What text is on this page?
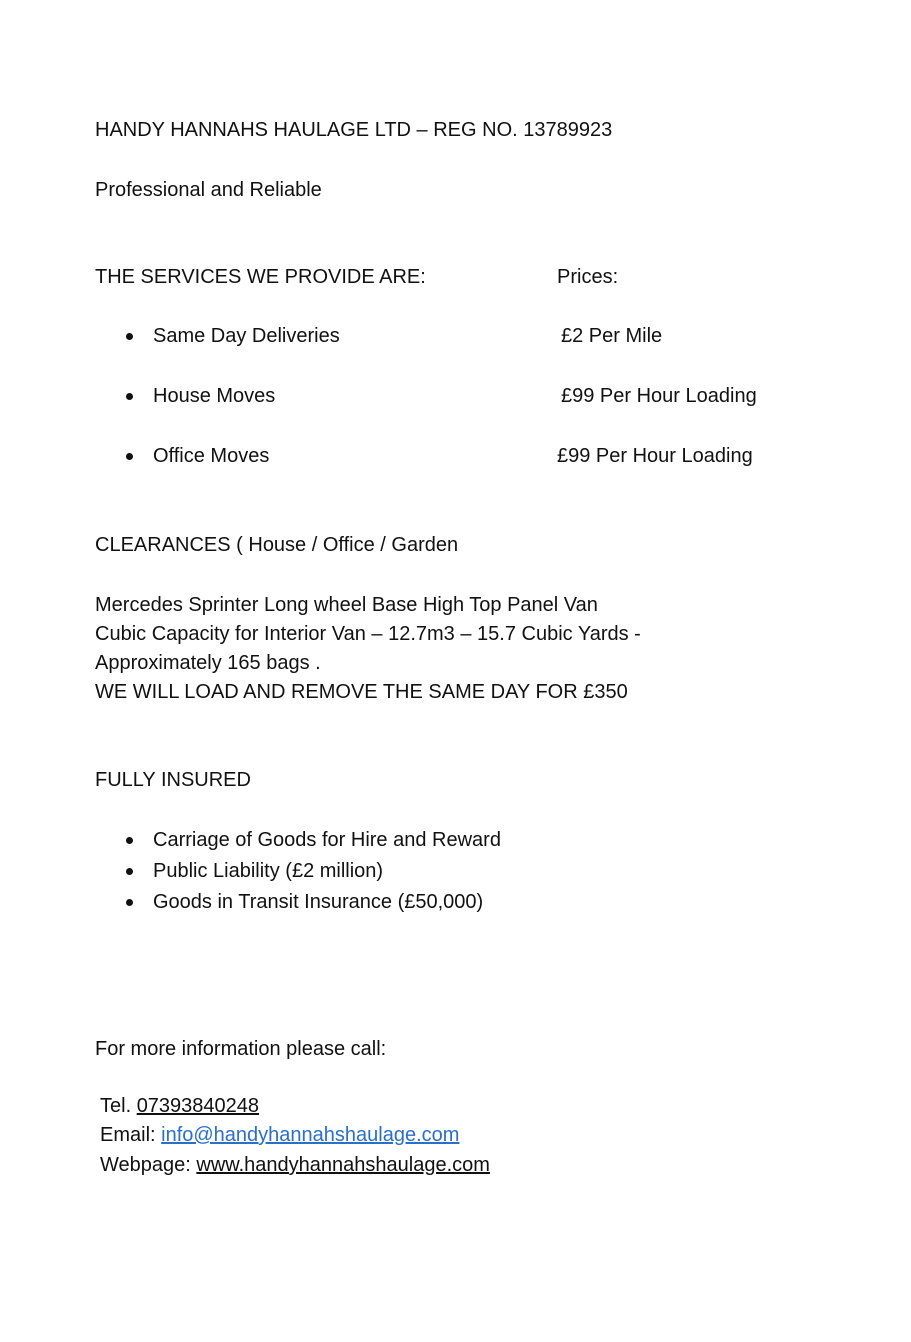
HANDY HANNAHS HAULAGE LTD – REG NO. 13789923
Professional and Reliable
THE SERVICES WE PROVIDE ARE:	Prices:
Same Day Deliveries	£2 Per Mile
House Moves	£99 Per Hour Loading
Office Moves	£99 Per Hour Loading
CLEARANCES ( House / Office / Garden
Mercedes Sprinter Long wheel Base High Top Panel Van
Cubic Capacity for Interior Van – 12.7m3 – 15.7 Cubic Yards -
Approximately 165 bags .
WE WILL LOAD AND REMOVE THE SAME DAY FOR £350
FULLY INSURED
Carriage of Goods for Hire and Reward
Public Liability (£2 million)
Goods in Transit Insurance (£50,000)
For more information please call:
Tel. 07393840248
Email: info@handyhannahshaulage.com
Webpage: www.handyhannahshaulage.com
